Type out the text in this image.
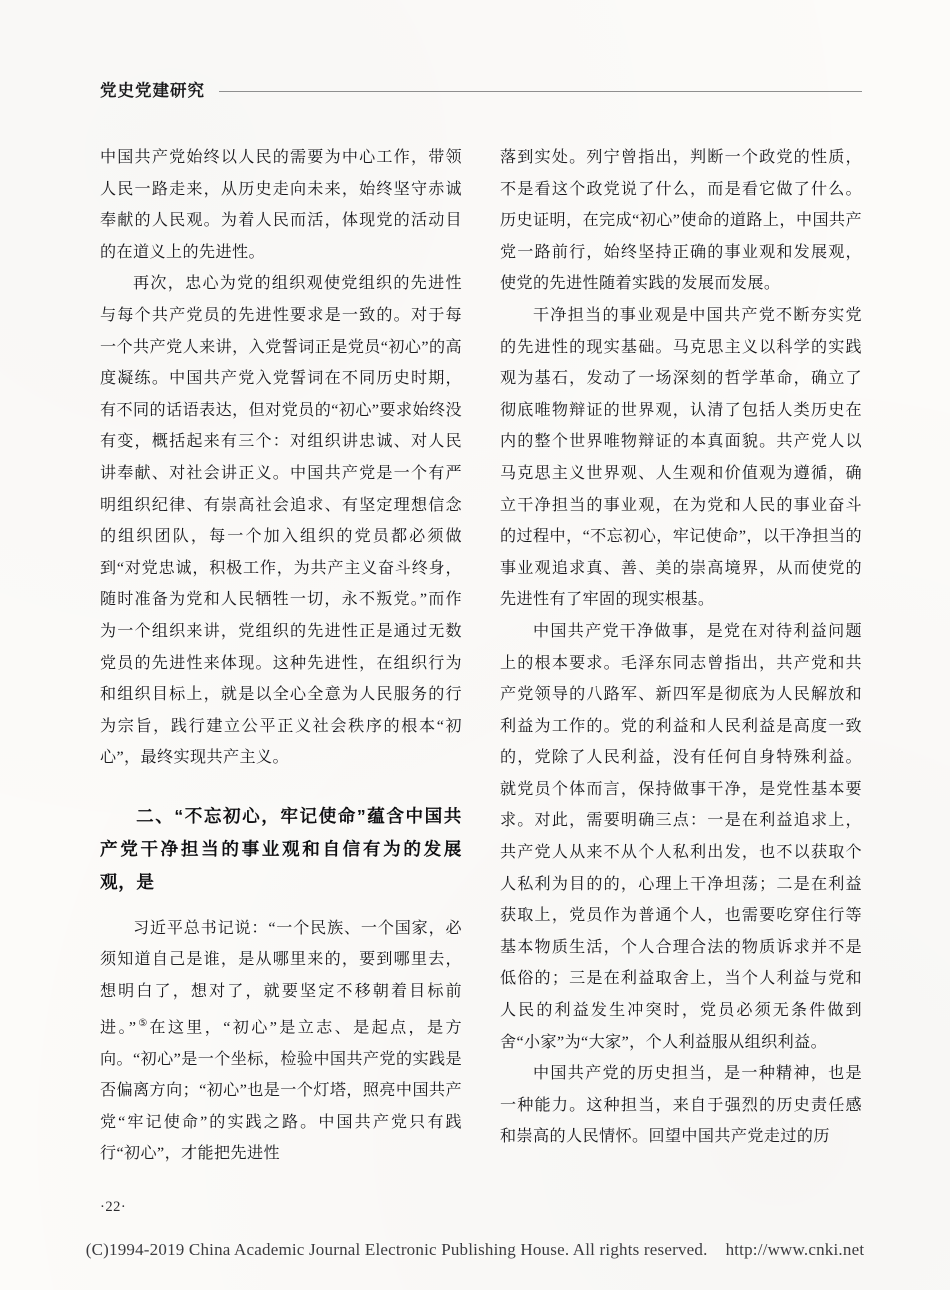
党史党建研究

中国共产党始终以人民的需要为中心工作，带领人民一路走来，从历史走向未来，始终坚守赤诚奉献的人民观。为着人民而活，体现党的活动目的在道义上的先进性。

再次，忠心为党的组织观使党组织的先进性与每个共产党员的先进性要求是一致的。对于每一个共产党人来讲，入党誓词正是党员“初心”的高度凝练。中国共产党入党誓词在不同历史时期，有不同的话语表达，但对党员的“初心”要求始终没有变，概括起来有三个：对组织讲忠诚、对人民讲奉献、对社会讲正义。中国共产党是一个有严明组织纪律、有崇高社会追求、有坚定理想信念的组织团队，每一个加入组织的党员都必须做到“对党忠诚，积极工作，为共产主义奋斗终身，随时准备为党和人民牺牲一切，永不叛党。”而作为一个组织来讲，党组织的先进性正是通过无数党员的先进性来体现。这种先进性，在组织行为和组织目标上，就是以全心全意为人民服务的行为宗旨，践行建立公平正义社会秩序的根本“初心”，最终实现共产主义。

二、“不忘初心，牢记使命”蕴含中国共产党干净担当的事业观和自信有为的发展观，是

习近平总书记说：“一个民族、一个国家，必须知道自己是谁，是从哪里来的，要到哪里去，想明白了，想对了，就要坚定不移朝着目标前进。”⑤在这里，“初心”是立志、是起点，是方向。“初心”是一个坐标，检验中国共产党的实践是否偏离方向；“初心”也是一个灯塔，照亮中国共产党“牢记使命”的实践之路。中国共产党只有践行“初心”，才能把先进性

落到实处。列宁曾指出，判断一个政党的性质，不是看这个政党说了什么，而是看它做了什么。历史证明，在完成“初心”使命的道路上，中国共产党一路前行，始终坚持正确的事业观和发展观，使党的先进性随着实践的发展而发展。

干净担当的事业观是中国共产党不断夯实党的先进性的现实基础。马克思主义以科学的实践观为基石，发动了一场深刻的哲学革命，确立了彻底唯物辩证的世界观，认清了包括人类历史在内的整个世界唯物辩证的本真面貌。共产党人以马克思主义世界观、人生观和价值观为遵循，确立干净担当的事业观，在为党和人民的事业奋斗的过程中，“不忘初心，牢记使命”，以干净担当的事业观追求真、善、美的崇高境界，从而使党的先进性有了牢固的现实根基。

中国共产党干净做事，是党在对待利益问题上的根本要求。毛泽东同志曾指出，共产党和共产党领导的八路军、新四军是彻底为人民解放和利益为工作的。党的利益和人民利益是高度一致的，党除了人民利益，没有任何自身特殊利益。就党员个体而言，保持做事干净，是党性基本要求。对此，需要明确三点：一是在利益追求上，共产党人从来不从个人私利出发，也不以获取个人私利为目的的，心理上干净坦荡；二是在利益获取上，党员作为普通个人，也需要吃穿住行等基本物质生活，个人合理合法的物质诉求并不是低俗的；三是在利益取舍上，当个人利益与党和人民的利益发生冲突时，党员必须无条件做到舍“小家”为“大家”，个人利益服从组织利益。

中国共产党的历史担当，是一种精神，也是一种能力。这种担当，来自于强烈的历史责任感和崇高的人民情怀。回望中国共产党走过的历

·22·
(C)1994-2019 China Academic Journal Electronic Publishing House. All rights reserved. http://www.cnki.net
